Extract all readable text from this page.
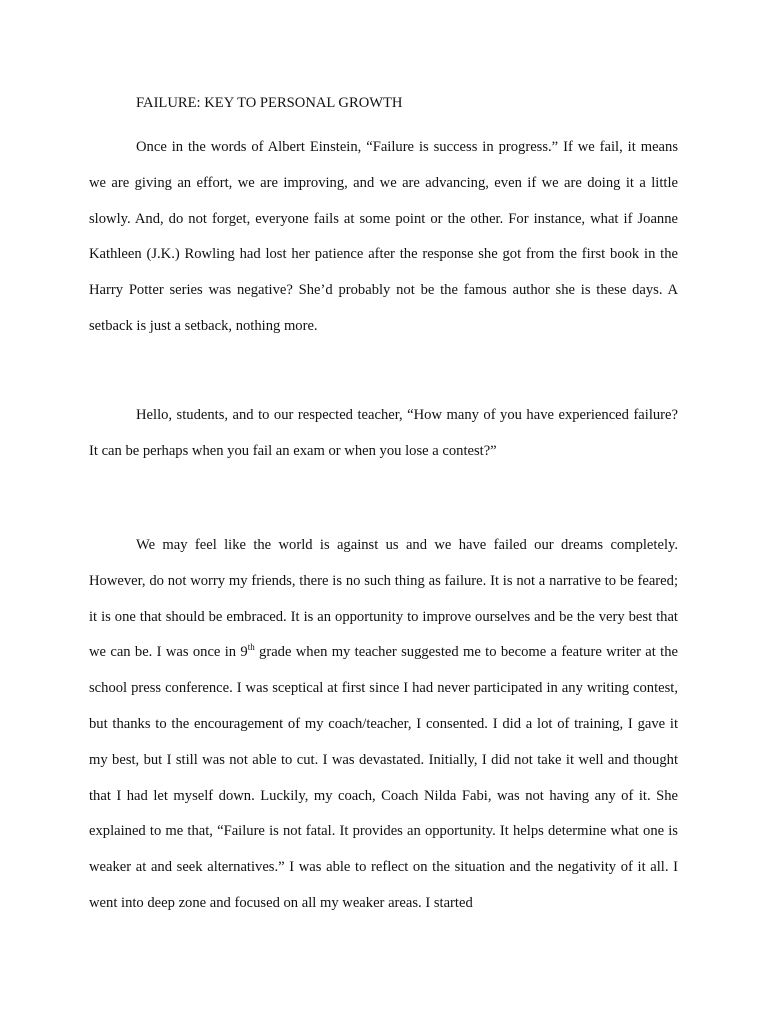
FAILURE: KEY TO PERSONAL GROWTH

Once in the words of Albert Einstein, “Failure is success in progress.” If we fail, it means we are giving an effort, we are improving, and we are advancing, even if we are doing it a little slowly. And, do not forget, everyone fails at some point or the other. For instance, what if Joanne Kathleen (J.K.) Rowling had lost her patience after the response she got from the first book in the Harry Potter series was negative? She’d probably not be the famous author she is these days. A setback is just a setback, nothing more.

Hello, students, and to our respected teacher, “How many of you have experienced failure? It can be perhaps when you fail an exam or when you lose a contest?”

We may feel like the world is against us and we have failed our dreams completely. However, do not worry my friends, there is no such thing as failure. It is not a narrative to be feared; it is one that should be embraced. It is an opportunity to improve ourselves and be the very best that we can be. I was once in 9th grade when my teacher suggested me to become a feature writer at the school press conference. I was sceptical at first since I had never participated in any writing contest, but thanks to the encouragement of my coach/teacher, I consented. I did a lot of training, I gave it my best, but I still was not able to cut. I was devastated. Initially, I did not take it well and thought that I had let myself down. Luckily, my coach, Coach Nilda Fabi, was not having any of it. She explained to me that, “Failure is not fatal. It provides an opportunity. It helps determine what one is weaker at and seek alternatives.” I was able to reflect on the situation and the negativity of it all. I went into deep zone and focused on all my weaker areas. I started
